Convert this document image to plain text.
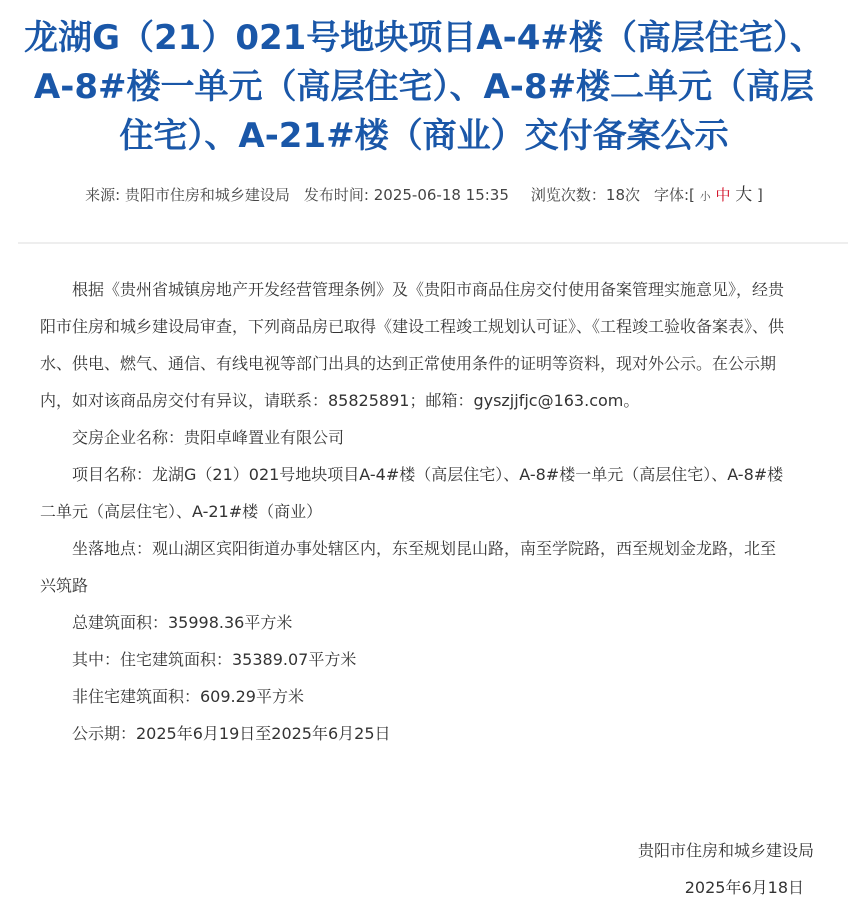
龙湖G（21）021号地块项目A-4#楼（高层住宅）、A-8#楼一单元（高层住宅）、A-8#楼二单元（高层住宅）、A-21#楼（商业）交付备案公示
来源: 贵阳市住房和城乡建设局 发布时间: 2025-06-18 15:35 浏览次数：18次 字体:[ 小 中 大 ]

根据《贵州省城镇房地产开发经营管理条例》及《贵阳市商品住房交付使用备案管理实施意见》，经贵阳市住房和城乡建设局审查，下列商品房已取得《建设工程竣工规划认可证》、《工程竣工验收备案表》、供水、供电、燃气、通信、有线电视等部门出具的达到正常使用条件的证明等资料，现对外公示。在公示期内，如对该商品房交付有异议，请联系：85825891；邮箱：gyszjjfjc@163.com。

交房企业名称：贵阳卓峰置业有限公司

项目名称：龙湖G（21）021号地块项目A-4#楼（高层住宅）、A-8#楼一单元（高层住宅）、A-8#楼二单元（高层住宅）、A-21#楼（商业）

坐落地点：观山湖区宾阳街道办事处辖区内，东至规划昆山路，南至学院路，西至规划金龙路，北至兴筑路

总建筑面积：35998.36平方米

其中：住宅建筑面积：35389.07平方米

非住宅建筑面积：609.29平方米

公示期：2025年6月19日至2025年6月25日

贵阳市住房和城乡建设局
2025年6月18日
